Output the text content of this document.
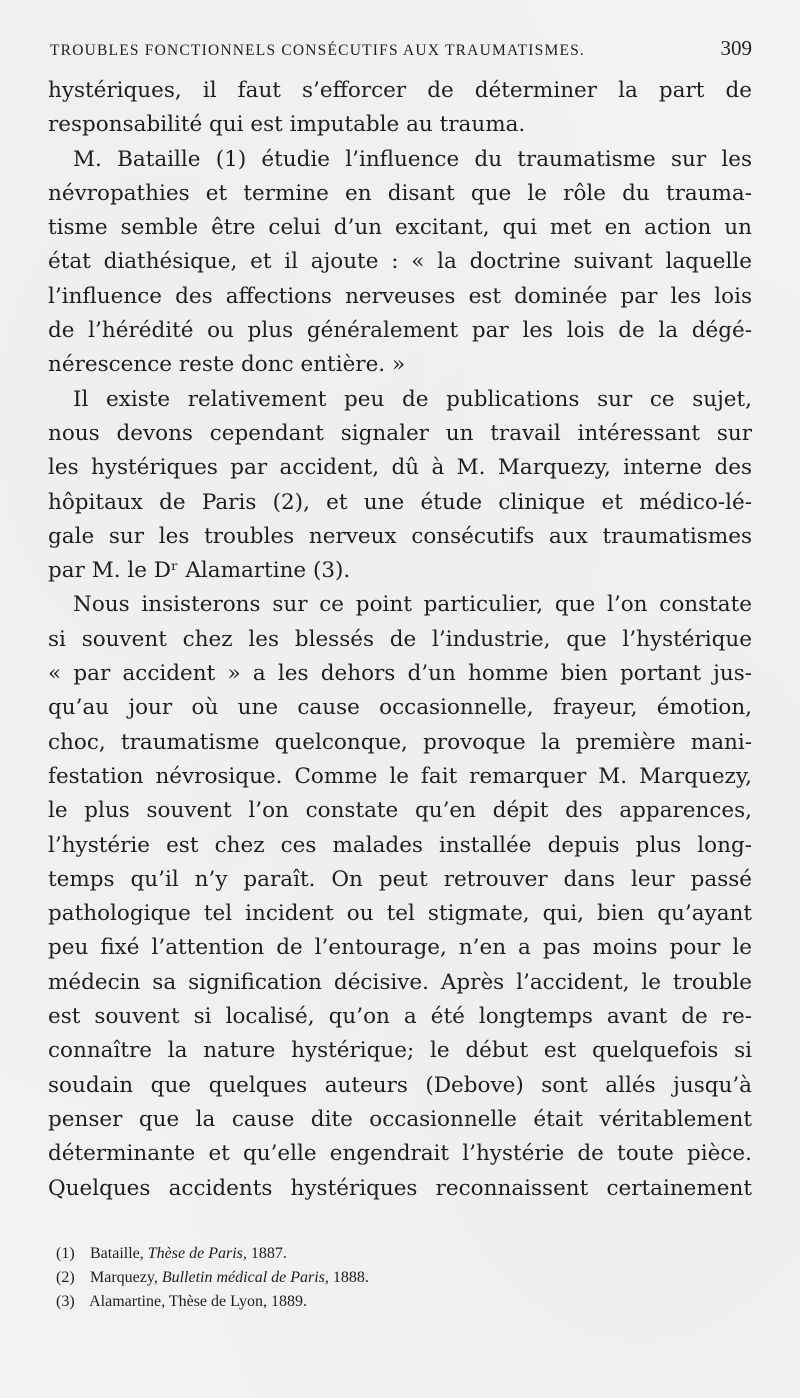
TROUBLES FONCTIONNELS CONSÉCUTIFS AUX TRAUMATISMES.	309
hystériques, il faut s’efforcer de déterminer la part de
responsabilité qui est imputable au trauma.
M. Bataille (1) étudie l’influence du traumatisme sur les
névropathies et termine en disant que le rôle du trauma-
tisme semble être celui d’un excitant, qui met en action un
état diathésique, et il ajoute : « la doctrine suivant laquelle
l’influence des affections nerveuses est dominée par les lois
de l’hérédité ou plus généralement par les lois de la dégé-
nérescence reste donc entière. »
Il existe relativement peu de publications sur ce sujet,
nous devons cependant signaler un travail intéressant sur
les hystériques par accident, dû à M. Marquezy, interne des
hôpitaux de Paris (2), et une étude clinique et médico-lé-
gale sur les troubles nerveux consécutifs aux traumatismes
par M. le Dʳ Alamartine (3).
Nous insisterons sur ce point particulier, que l’on constate
si souvent chez les blessés de l’industrie, que l’hystérique
« par accident » a les dehors d’un homme bien portant jus-
qu’au jour où une cause occasionnelle, frayeur, émotion,
choc, traumatisme quelconque, provoque la première mani-
festation névrosique. Comme le fait remarquer M. Marquezy,
le plus souvent l’on constate qu’en dépit des apparences,
l’hystérie est chez ces malades installée depuis plus long-
temps qu’il n’y paraît. On peut retrouver dans leur passé
pathologique tel incident ou tel stigmate, qui, bien qu’ayant
peu fixé l’attention de l’entourage, n’en a pas moins pour le
médecin sa signification décisive. Après l’accident, le trouble
est souvent si localisé, qu’on a été longtemps avant de re-
connaître la nature hystérique; le début est quelquefois si
soudain que quelques auteurs (Debove) sont allés jusqu’à
penser que la cause dite occasionnelle était véritablement
déterminante et qu’elle engendrait l’hystérie de toute pièce.
Quelques accidents hystériques reconnaissent certainement
(1) Bataille, Thèse de Paris, 1887.
(2) Marquezy, Bulletin médical de Paris, 1888.
(3) Alamartine, Thèse de Lyon, 1889.
